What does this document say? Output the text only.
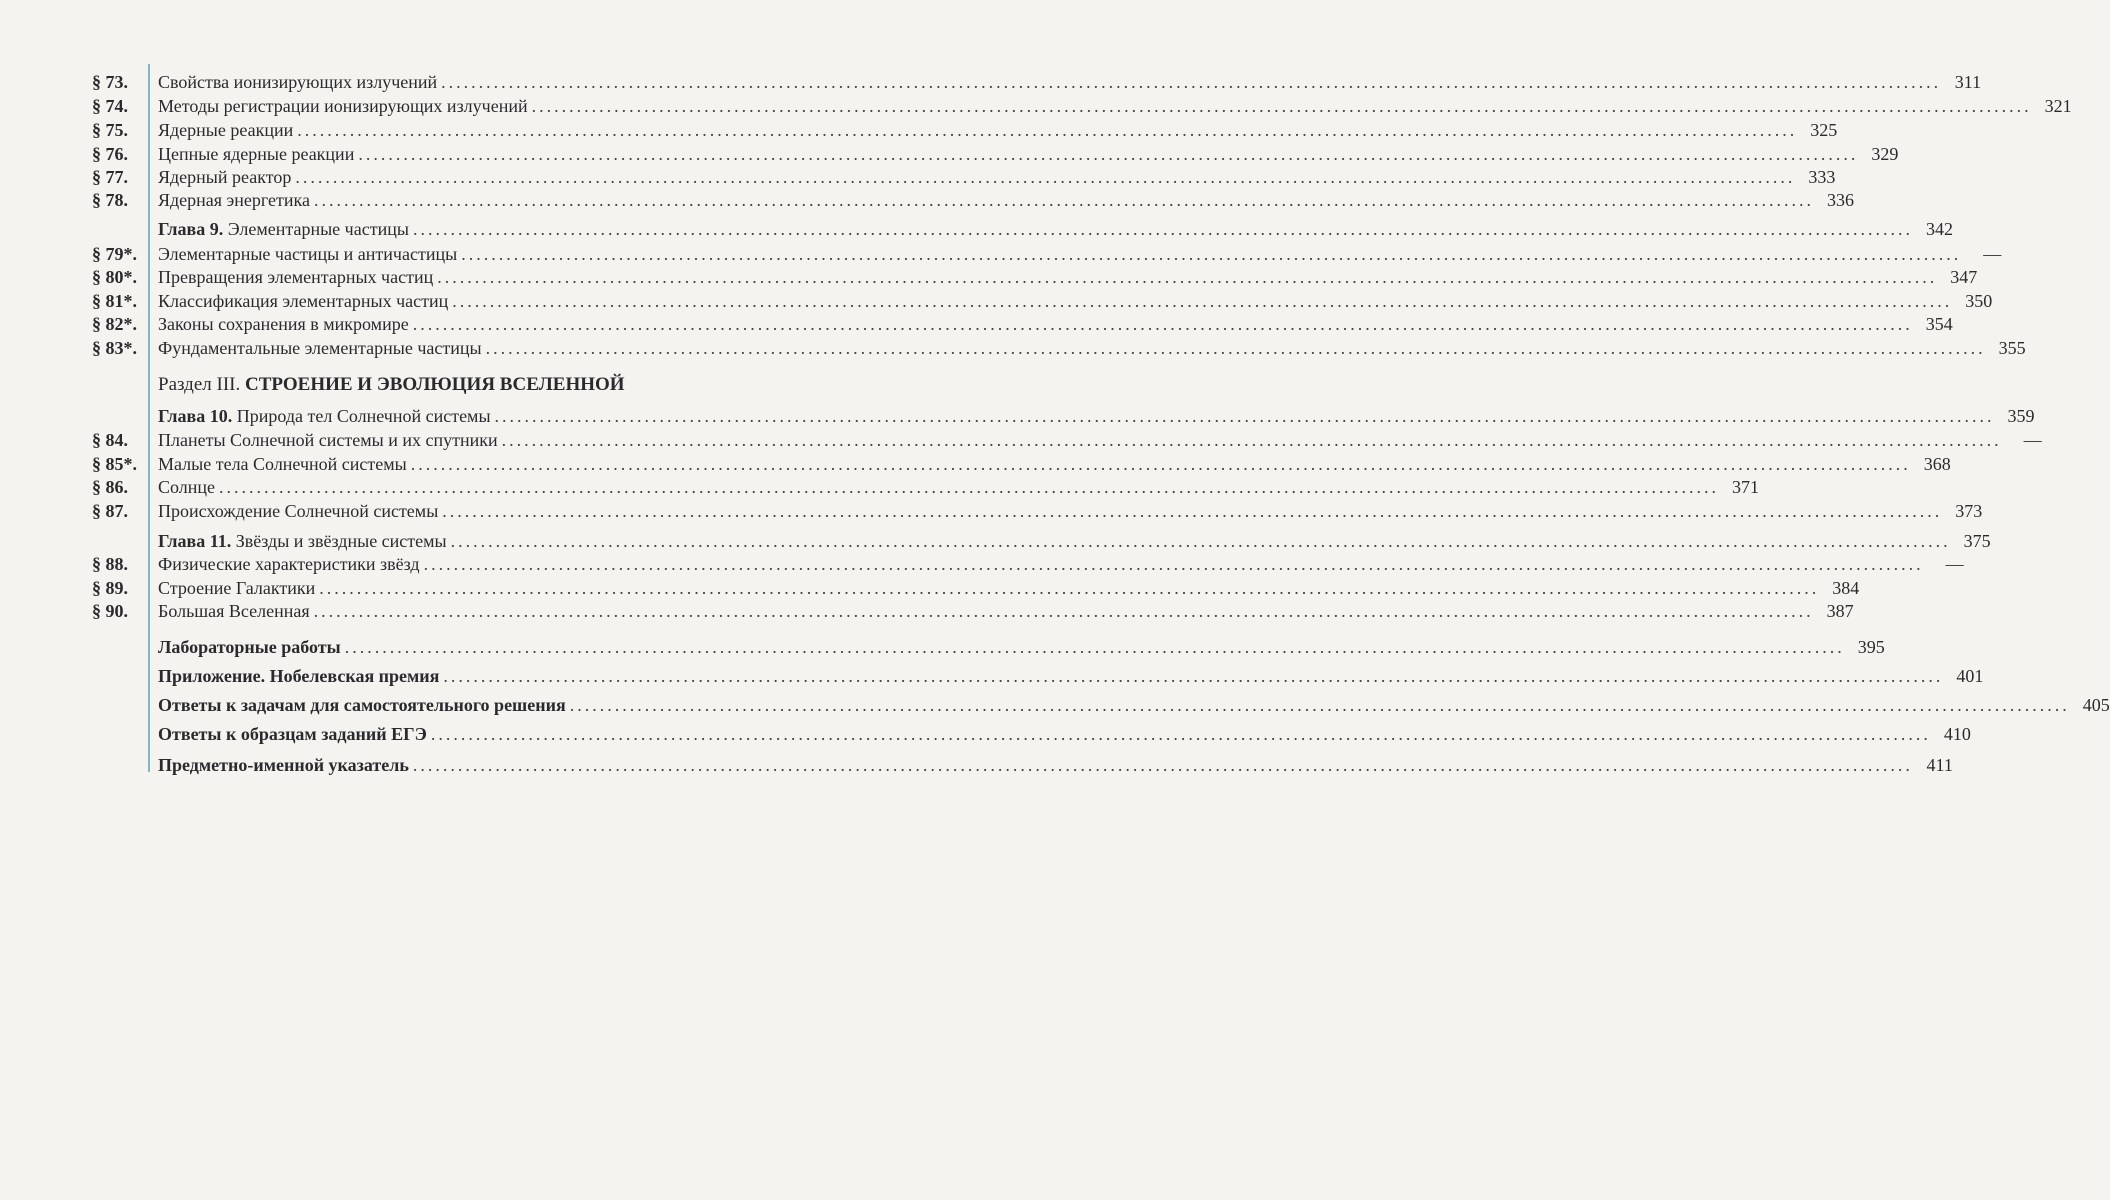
Раздел III. СТРОЕНИЕ И ЭВОЛЮЦИЯ ВСЕЛЕННОЙ
§ 73.	Свойства ионизирующих излучений ........................................................................................................................................................................................................ 311
§ 74.	Методы регистрации ионизирующих излучений ........................................................................................................................................................................................................ 321
§ 75.	Ядерные реакции ........................................................................................................................................................................................................ 325
§ 76.	Цепные ядерные реакции ........................................................................................................................................................................................................ 329
§ 77.	Ядерный реактор ........................................................................................................................................................................................................ 333
§ 78.	Ядерная энергетика ........................................................................................................................................................................................................ 336
Глава 9. Элементарные частицы ........................................................................................................................................................................................................ 342
§ 79*.	Элементарные частицы и античастицы ........................................................................................................................................................................................................	—
§ 80*.	Превращения элементарных частиц ........................................................................................................................................................................................................ 347
§ 81*.	Классификация элементарных частиц ........................................................................................................................................................................................................ 350
§ 82*.	Законы сохранения в микромире ........................................................................................................................................................................................................ 354
§ 83*.	Фундаментальные элементарные частицы ........................................................................................................................................................................................................ 355
Глава 10. Природа тел Солнечной системы ........................................................................................................................................................................................................ 359
§ 84.	Планеты Солнечной системы и их спутники ........................................................................................................................................................................................................	—
§ 85*.	Малые тела Солнечной системы ........................................................................................................................................................................................................ 368
§ 86.	Солнце ........................................................................................................................................................................................................ 371
§ 87.	Происхождение Солнечной системы ........................................................................................................................................................................................................ 373
Глава 11. Звёзды и звёздные системы ........................................................................................................................................................................................................ 375
§ 88.	Физические характеристики звёзд ........................................................................................................................................................................................................	—
§ 89.	Строение Галактики ........................................................................................................................................................................................................ 384
§ 90.	Большая Вселенная ........................................................................................................................................................................................................ 387
Лабораторные работы ........................................................................................................................................................................................................ 395
Приложение. Нобелевская премия ........................................................................................................................................................................................................ 401
Ответы к задачам для самостоятельного решения ........................................................................................................................................................................................................ 405
Ответы к образцам заданий ЕГЭ ........................................................................................................................................................................................................ 410
Предметно-именной указатель ........................................................................................................................................................................................................ 411
